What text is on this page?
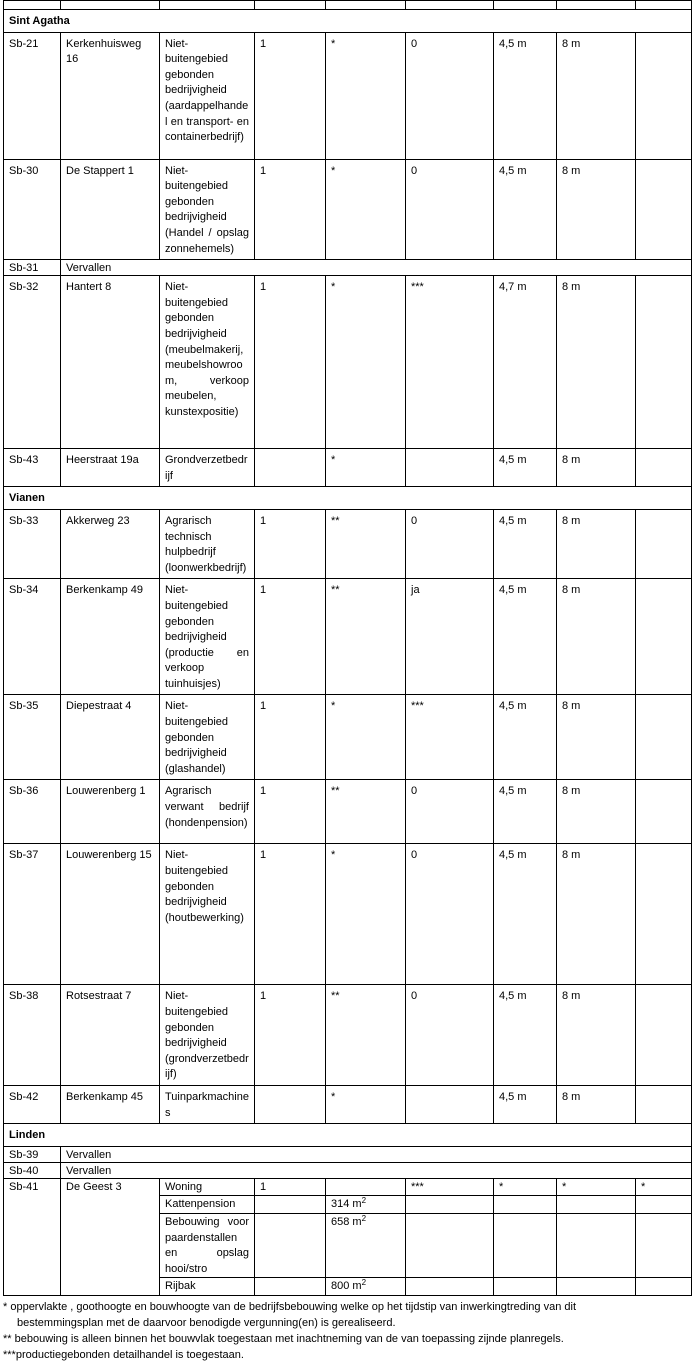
Sint Agatha								
Sb-21	Kerkenhuisweg 16	Niet-buitengebied gebonden bedrijvigheid (aardappelhandel en transport- en containerbedrijf)	1	*	0	4,5 m	8 m	
Sb-30	De Stappert 1	Niet-buitengebied gebonden bedrijvigheid (Handel / opslag zonnehemels)	1	*	0	4,5 m	8 m	
Sb-31	Vervallen							
Sb-32	Hantert 8	Niet-buitengebied gebonden bedrijvigheid (meubelmakerij, meubelshowroom, verkoop meubelen, kunstexpositie)	1	*	***	4,7 m	8 m	
Sb-43	Heerstraat 19a	Grondverzetbedrijf		*		4,5 m	8 m	
Vianen								
Sb-33	Akkerweg 23	Agrarisch technisch hulpbedrijf (loonwerkbedrijf)	1	**	0	4,5 m	8 m	
Sb-34	Berkenkamp 49	Niet-buitengebied gebonden bedrijvigheid (productie en verkoop tuinhuisjes)	1	**	ja	4,5 m	8 m	
Sb-35	Diepestraat 4	Niet-buitengebied gebonden bedrijvigheid (glashandel)	1	*	***	4,5 m	8 m	
Sb-36	Louwerenberg 1	Agrarisch verwant bedrijf (hondenpension)	1	**	0	4,5 m	8 m	
Sb-37	Louwerenberg 15	Niet-buitengebied gebonden bedrijvigheid (houtbewerking)	1	*	0	4,5 m	8 m	
Sb-38	Rotsestraat 7	Niet-buitengebied gebonden bedrijvigheid (grondverzetbedrijf)	1	**	0	4,5 m	8 m	
Sb-42	Berkenkamp 45	Tuinparkmachines		*		4,5 m	8 m	
Linden								
Sb-39	Vervallen							
Sb-40	Vervallen							
Sb-41	De Geest 3	Woning	1		***	*	*	*
		Kattenpension		314 $m^2$				
		Bebouwing voor paardenstallen en opslag hooi/stro		658 $m^2$				
		Rijbak		800 $m^2$				

* oppervlakte , goothoogte en bouwhoogte van de bedrijfsbebouwing welke op het tijdstip van inwerkingtreding van dit

bestemmingsplan met de daarvoor benodigde vergunning(en) is gerealiseerd.

** bebouwing is alleen binnen het bouwvlak toegestaan met inachtneming van de van toepassing zijnde planregels.

***productiegebonden detailhandel is toegestaan.
